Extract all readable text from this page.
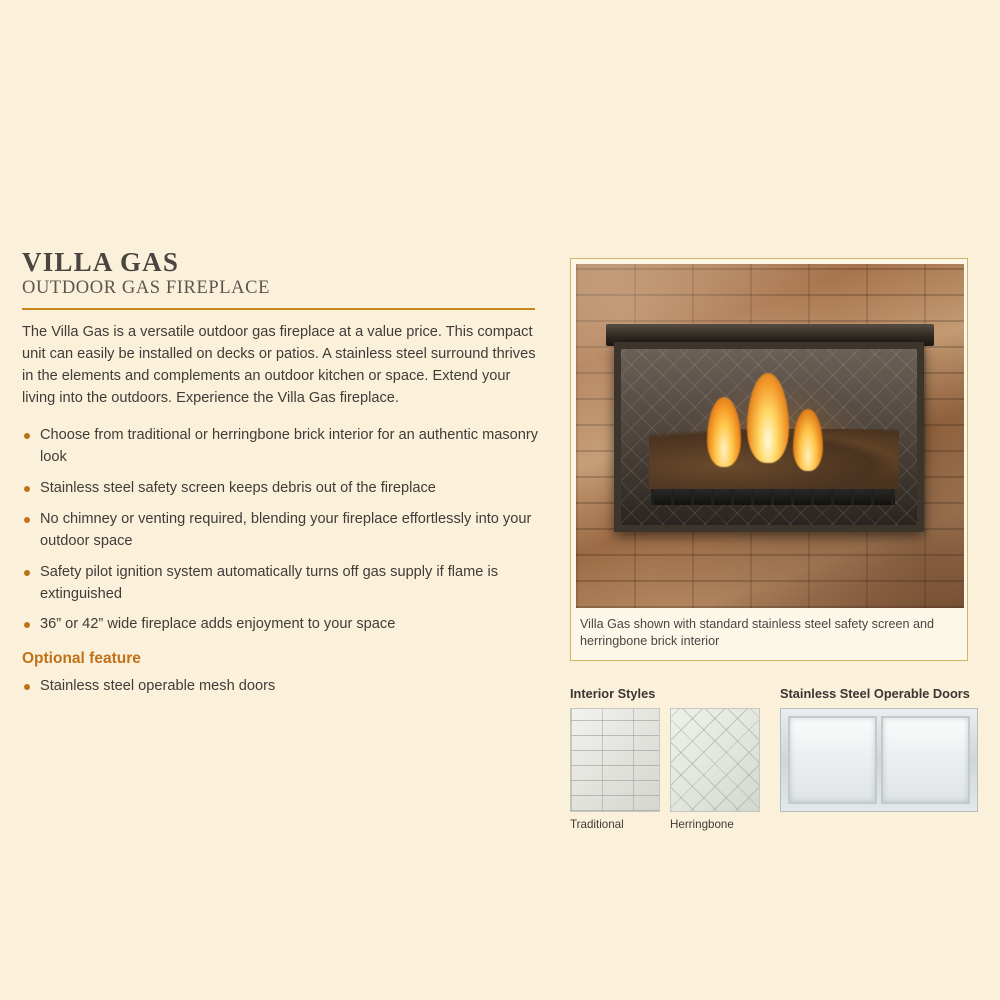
VILLA GAS
OUTDOOR GAS FIREPLACE

The Villa Gas is a versatile outdoor gas fireplace at a value price. This compact unit can easily be installed on decks or patios. A stainless steel surround thrives in the elements and complements an outdoor kitchen or space. Extend your living into the outdoors. Experience the Villa Gas fireplace.

Choose from traditional or herringbone brick interior for an authentic masonry look
Stainless steel safety screen keeps debris out of the fireplace
No chimney or venting required, blending your fireplace effortlessly into your outdoor space
Safety pilot ignition system automatically turns off gas supply if flame is extinguished
36” or 42” wide fireplace adds enjoyment to your space
Optional feature
Stainless steel operable mesh doors
Villa Gas shown with standard stainless steel safety screen and herringbone brick interior
Interior Styles
Traditional	Herringbone
Stainless Steel Operable Doors
